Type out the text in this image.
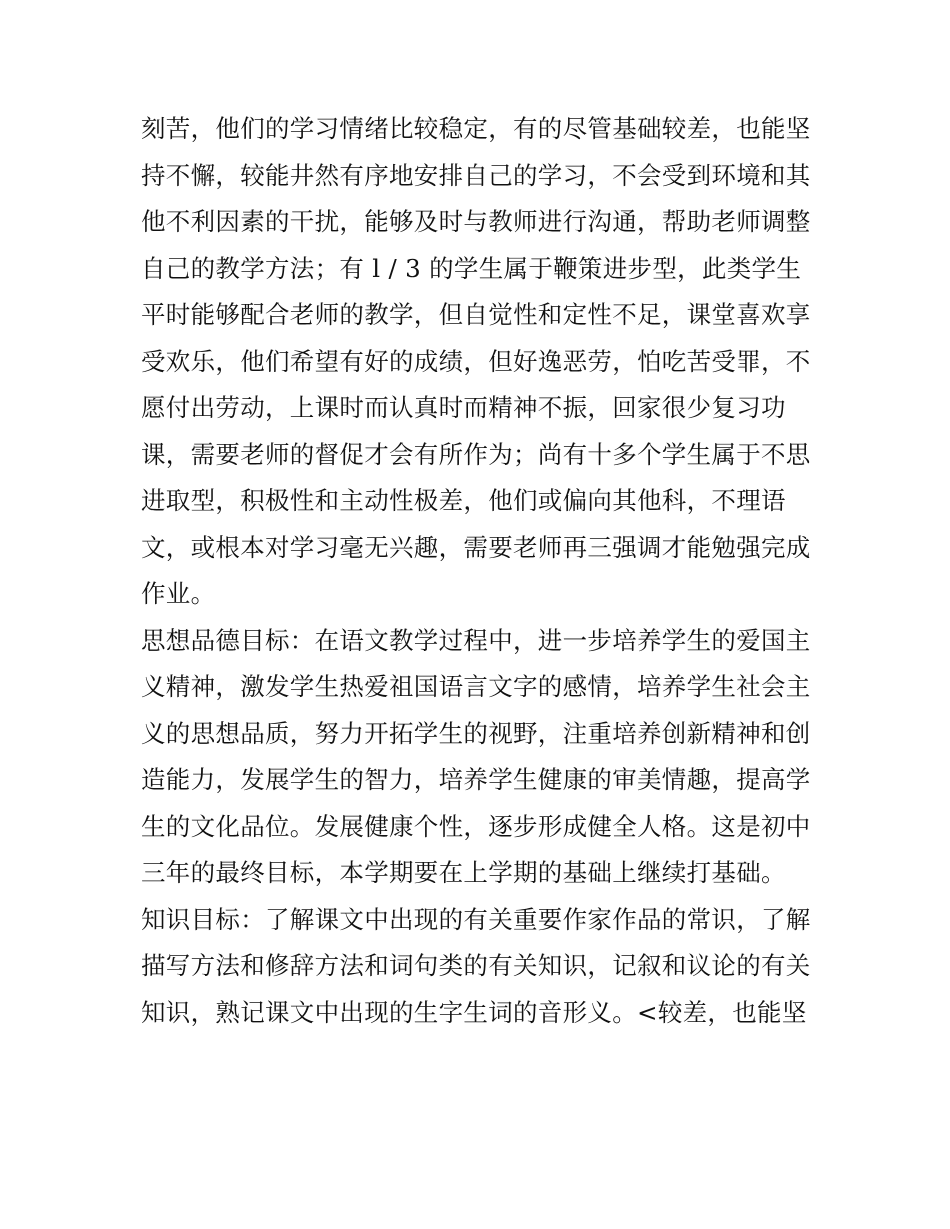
刻苦，他们的学习情绪比较稳定，有的尽管基础较差，也能坚
持不懈，较能井然有序地安排自己的学习，不会受到环境和其
他不利因素的干扰，能够及时与教师进行沟通，帮助老师调整
自己的教学方法；有 l / 3 的学生属于鞭策进步型，此类学生
平时能够配合老师的教学，但自觉性和定性不足，课堂喜欢享
受欢乐，他们希望有好的成绩，但好逸恶劳，怕吃苦受罪，不
愿付出劳动，上课时而认真时而精神不振，回家很少复习功
课，需要老师的督促才会有所作为；尚有十多个学生属于不思
进取型，积极性和主动性极差，他们或偏向其他科，不理语
文，或根本对学习毫无兴趣，需要老师再三强调才能勉强完成
作业。
思想品德目标：在语文教学过程中，进一步培养学生的爱国主
义精神，激发学生热爱祖国语言文字的感情，培养学生社会主
义的思想品质，努力开拓学生的视野，注重培养创新精神和创
造能力，发展学生的智力，培养学生健康的审美情趣，提高学
生的文化品位。发展健康个性，逐步形成健全人格。这是初中
三年的最终目标，本学期要在上学期的基础上继续打基础。
知识目标：了解课文中出现的有关重要作家作品的常识，了解
描写方法和修辞方法和词句类的有关知识，记叙和议论的有关
知识，熟记课文中出现的生字生词的音形义。<较差，也能坚
